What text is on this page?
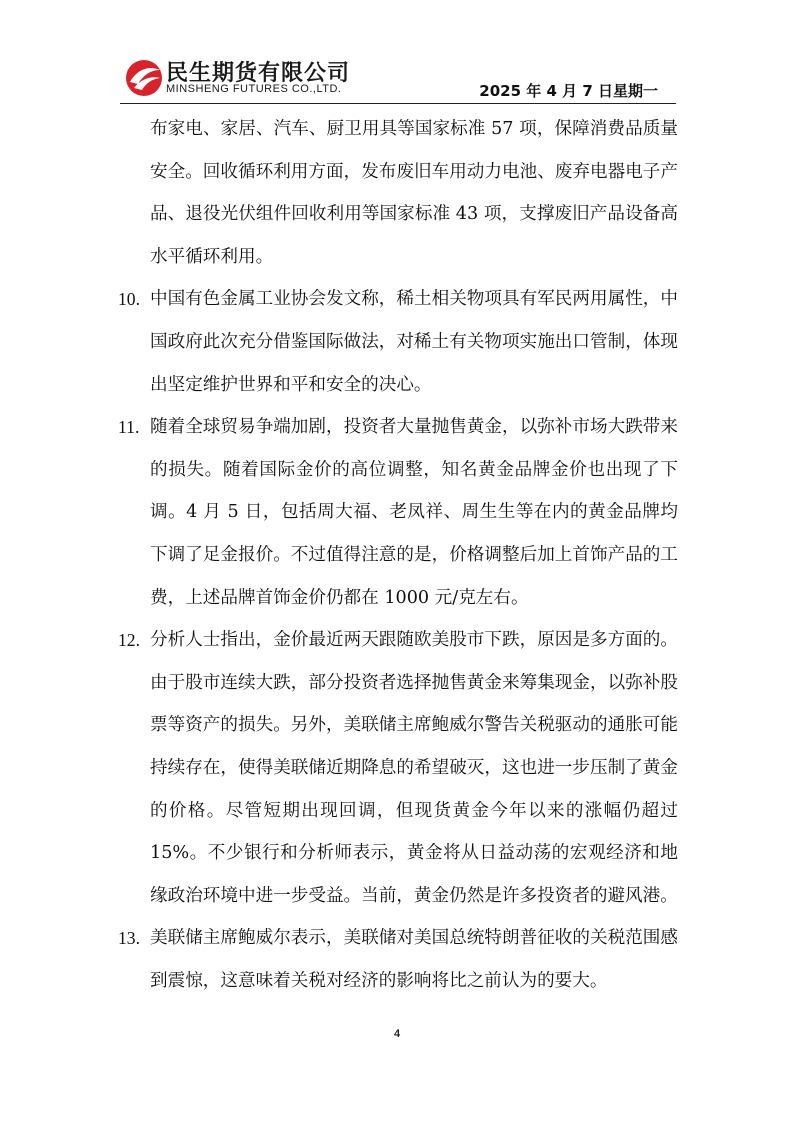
民生期货有限公司
MINSHENG FUTURES CO.,LTD.	2025 年 4 月 7 日星期一

布家电、家居、汽车、厨卫用具等国家标准 57 项，保障消费品质量安全。回收循环利用方面，发布废旧车用动力电池、废弃电器电子产品、退役光伏组件回收利用等国家标准 43 项，支撑废旧产品设备高水平循环利用。

10. 中国有色金属工业协会发文称，稀土相关物项具有军民两用属性，中国政府此次充分借鉴国际做法，对稀土有关物项实施出口管制，体现出坚定维护世界和平和安全的决心。
11. 随着全球贸易争端加剧，投资者大量抛售黄金，以弥补市场大跌带来的损失。随着国际金价的高位调整，知名黄金品牌金价也出现了下调。4 月 5 日，包括周大福、老凤祥、周生生等在内的黄金品牌均下调了足金报价。不过值得注意的是，价格调整后加上首饰产品的工费，上述品牌首饰金价仍都在 1000 元/克左右。
12. 分析人士指出，金价最近两天跟随欧美股市下跌，原因是多方面的。由于股市连续大跌，部分投资者选择抛售黄金来筹集现金，以弥补股票等资产的损失。另外，美联储主席鲍威尔警告关税驱动的通胀可能持续存在，使得美联储近期降息的希望破灭，这也进一步压制了黄金的价格。尽管短期出现回调，但现货黄金今年以来的涨幅仍超过 15%。不少银行和分析师表示，黄金将从日益动荡的宏观经济和地缘政治环境中进一步受益。当前，黄金仍然是许多投资者的避风港。
13. 美联储主席鲍威尔表示，美联储对美国总统特朗普征收的关税范围感到震惊，这意味着关税对经济的影响将比之前认为的要大。
4
